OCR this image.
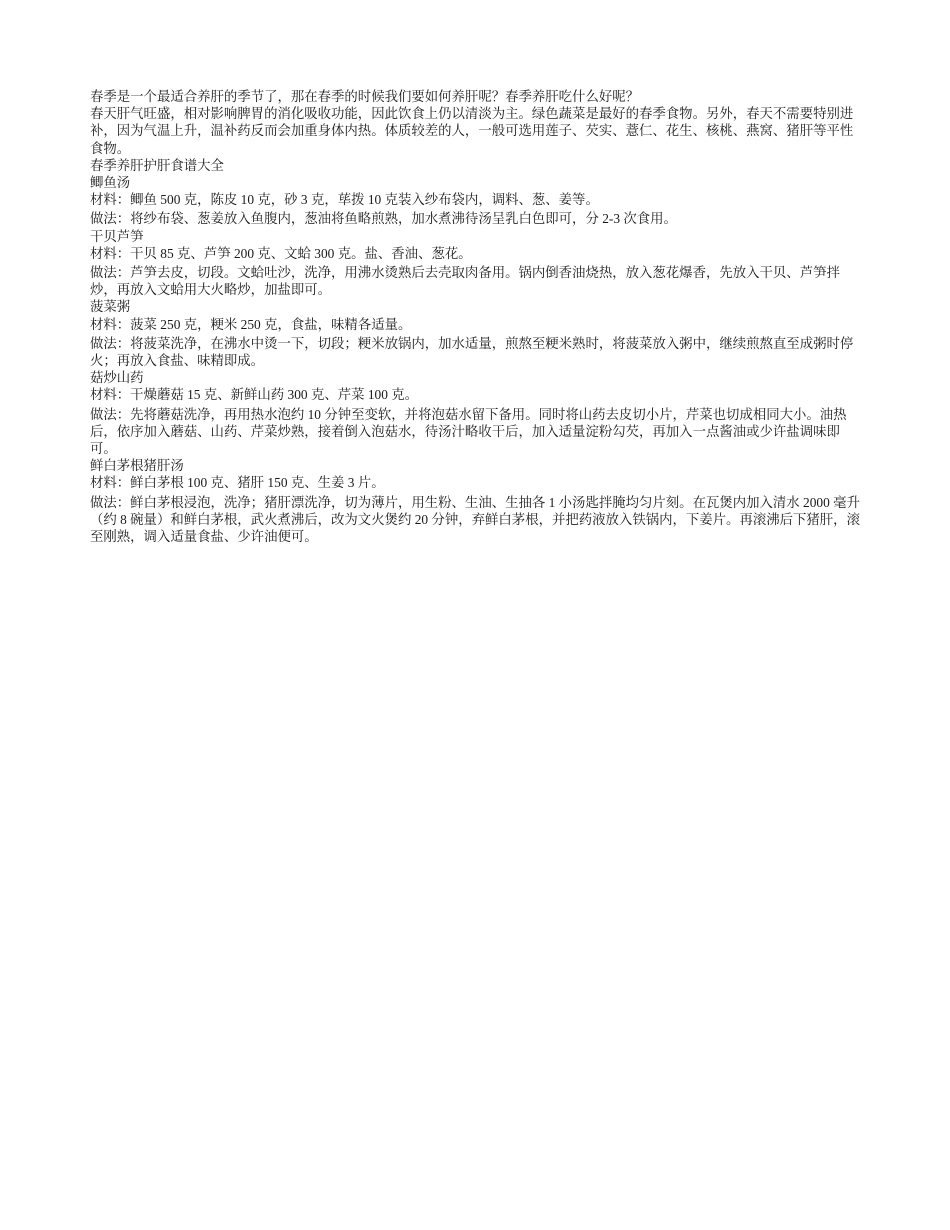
春季是一个最适合养肝的季节了，那在春季的时候我们要如何养肝呢？春季养肝吃什么好呢？

春天肝气旺盛，相对影响脾胃的消化吸收功能，因此饮食上仍以清淡为主。绿色蔬菜是最好的春季食物。另外，春天不需要特别进补，因为气温上升，温补药反而会加重身体内热。体质较差的人，一般可选用莲子、芡实、薏仁、花生、核桃、燕窝、猪肝等平性食物。

春季养肝护肝食谱大全

鲫鱼汤

材料：鲫鱼 500 克，陈皮 10 克，砂 3 克，荜拨 10 克装入纱布袋内，调料、葱、姜等。

做法：将纱布袋、葱姜放入鱼腹内，葱油将鱼略煎熟，加水煮沸待汤呈乳白色即可，分 2-3 次食用。

干贝芦笋

材料：干贝 85 克、芦笋 200 克、文蛤 300 克。盐、香油、葱花。

做法：芦笋去皮，切段。文蛤吐沙，洗净，用沸水烫熟后去壳取肉备用。锅内倒香油烧热，放入葱花爆香，先放入干贝、芦笋拌炒，再放入文蛤用大火略炒，加盐即可。

菠菜粥

材料：菠菜 250 克，粳米 250 克，食盐，味精各适量。

做法：将菠菜洗净，在沸水中烫一下，切段；粳米放锅内，加水适量，煎熬至粳米熟时，将菠菜放入粥中，继续煎熬直至成粥时停火；再放入食盐、味精即成。

菇炒山药

材料：干燥蘑菇 15 克、新鲜山药 300 克、芹菜 100 克。

做法：先将蘑菇洗净，再用热水泡约 10 分钟至变软，并将泡菇水留下备用。同时将山药去皮切小片，芹菜也切成相同大小。油热后，依序加入蘑菇、山药、芹菜炒熟，接着倒入泡菇水，待汤汁略收干后，加入适量淀粉勾芡，再加入一点酱油或少许盐调味即可。

鲜白茅根猪肝汤

材料：鲜白茅根 100 克、猪肝 150 克、生姜 3 片。

做法：鲜白茅根浸泡，洗净；猪肝漂洗净，切为薄片，用生粉、生油、生抽各 1 小汤匙拌腌均匀片刻。在瓦煲内加入清水 2000 毫升（约 8 碗量）和鲜白茅根，武火煮沸后，改为文火煲约 20 分钟，弃鲜白茅根，并把药液放入铁锅内，下姜片。再滚沸后下猪肝，滚至刚熟，调入适量食盐、少许油便可。
